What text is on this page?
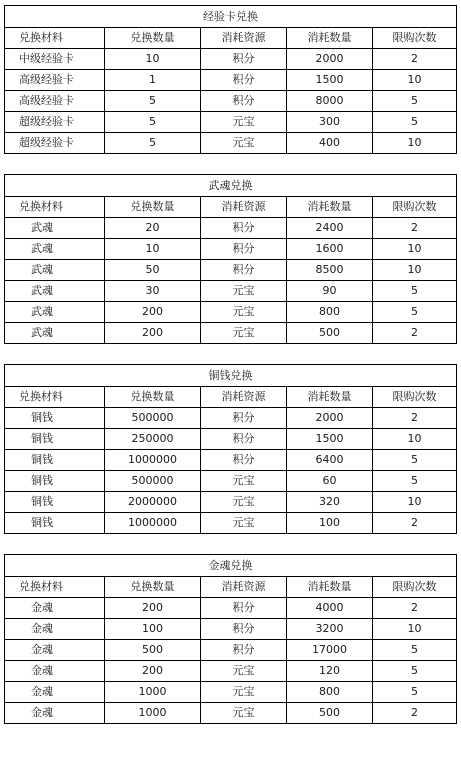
经验卡兑换				
兑换材料	兑换数量	消耗资源	消耗数量	限购次数
中级经验卡	10	积分	2000	2
高级经验卡	1	积分	1500	10
高级经验卡	5	积分	8000	5
超级经验卡	5	元宝	300	5
超级经验卡	5	元宝	400	10
武魂兑换				
兑换材料	兑换数量	消耗资源	消耗数量	限购次数
武魂	20	积分	2400	2
武魂	10	积分	1600	10
武魂	50	积分	8500	10
武魂	30	元宝	90	5
武魂	200	元宝	800	5
武魂	200	元宝	500	2
铜钱兑换				
兑换材料	兑换数量	消耗资源	消耗数量	限购次数
铜钱	500000	积分	2000	2
铜钱	250000	积分	1500	10
铜钱	1000000	积分	6400	5
铜钱	500000	元宝	60	5
铜钱	2000000	元宝	320	10
铜钱	1000000	元宝	100	2
金魂兑换				
兑换材料	兑换数量	消耗资源	消耗数量	限购次数
金魂	200	积分	4000	2
金魂	100	积分	3200	10
金魂	500	积分	17000	5
金魂	200	元宝	120	5
金魂	1000	元宝	800	5
金魂	1000	元宝	500	2
